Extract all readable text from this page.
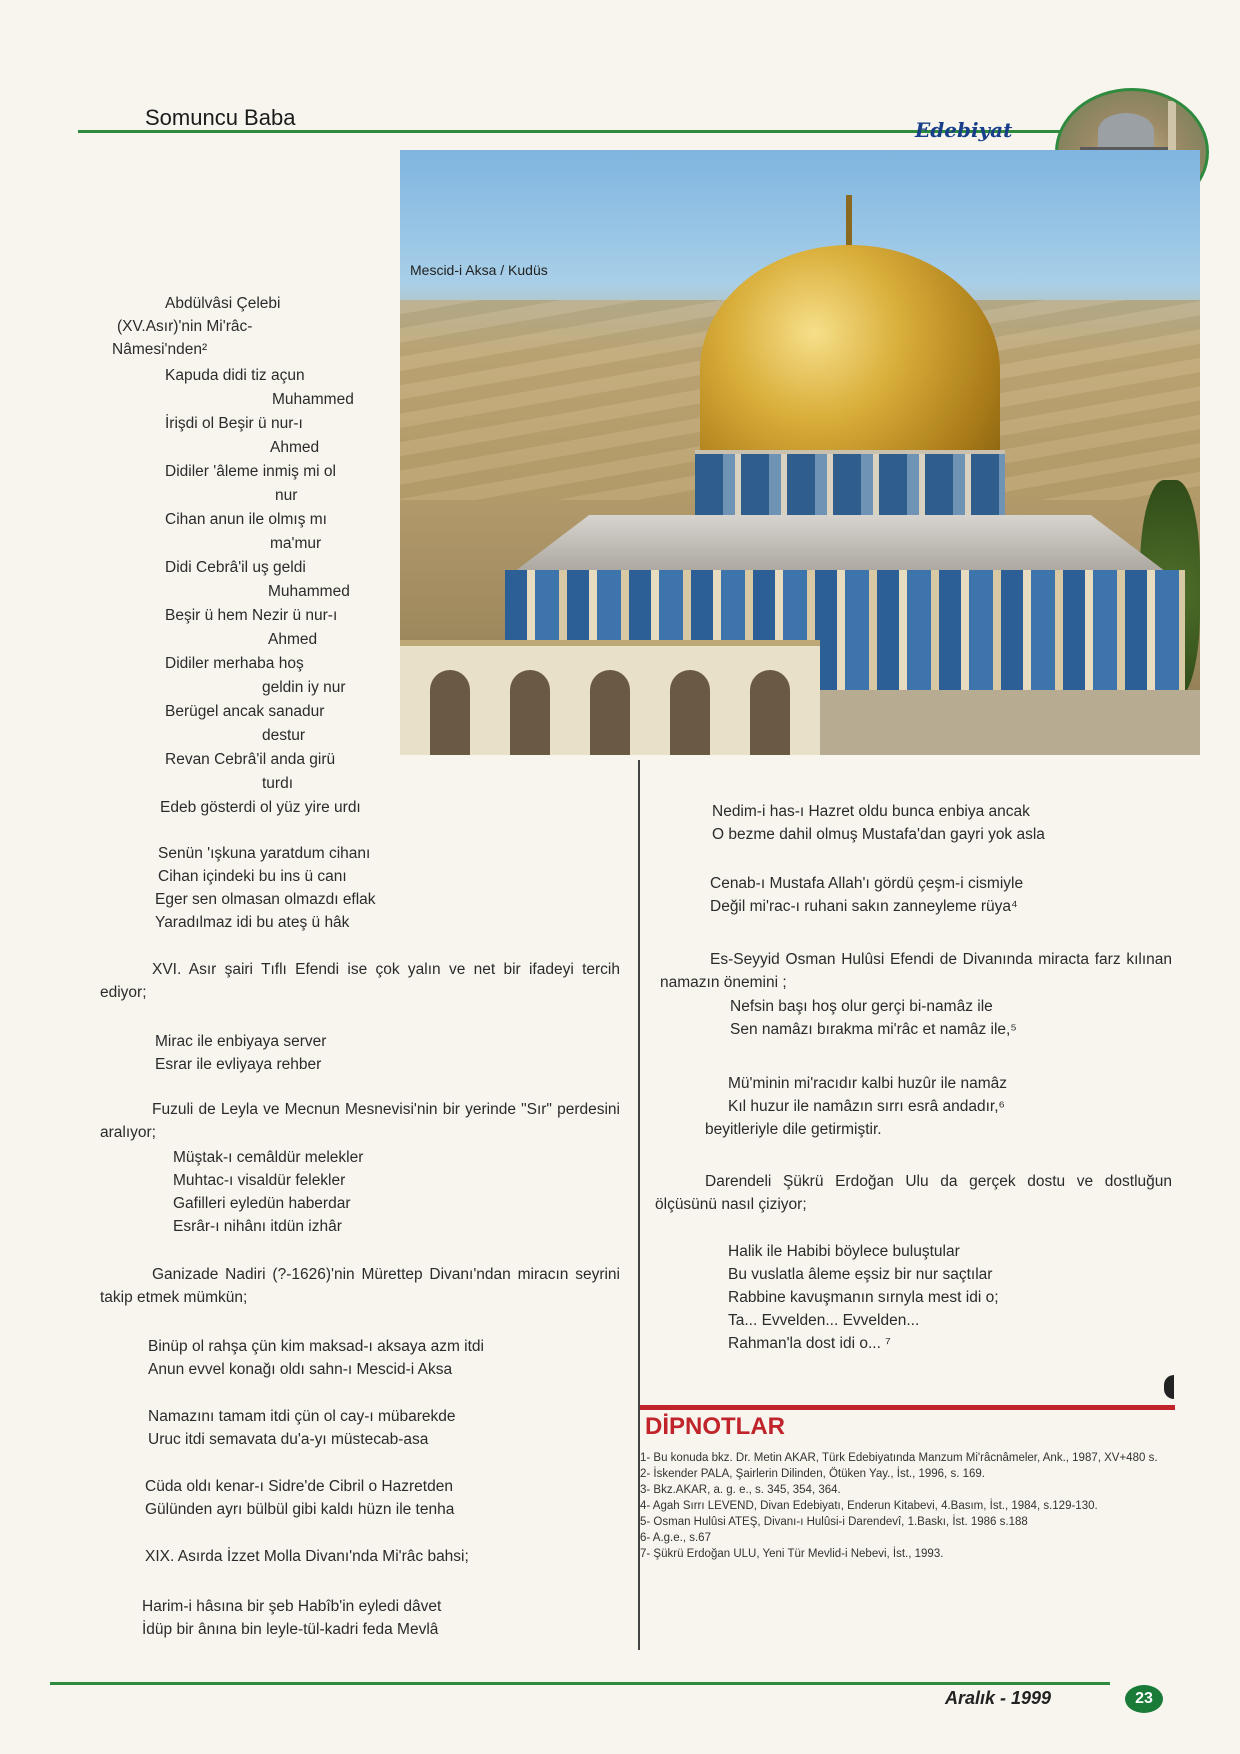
Somuncu Baba	Edebiyat
Mescid-i Aksa / Kudüs
Abdülvâsi Çelebi
(XV.Asır)'nin Mi'râc-
Nâmesi'nden²
Kapuda didi tiz açun
Muhammed
İrişdi ol Beşir ü nur-ı
Ahmed
Didiler 'âleme inmiş mi ol
nur
Cihan anun ile olmış mı
ma'mur
Didi Cebrâ'il uş geldi
Muhammed
Beşir ü hem Nezir ü nur-ı
Ahmed
Didiler merhaba hoş
geldin iy nur
Berügel ancak sanadur
destur
Revan Cebrâ'il anda girü
turdı
Edeb gösterdi ol yüz yire urdı
Senün 'ışkuna yaratdum cihanı
Cihan içindeki bu ins ü canı
Eger sen olmasan olmazdı eflak
Yaradılmaz idi bu ateş ü hâk
XVI. Asır şairi Tıflı Efendi ise çok yalın ve net bir ifadeyi tercih ediyor;
Mirac ile enbiyaya server
Esrar ile evliyaya rehber
Fuzuli de Leyla ve Mecnun Mesnevisi'nin bir yerinde "Sır" perdesini aralıyor;
Müştak-ı cemâldür melekler
Muhtac-ı visaldür felekler
Gafilleri eyledün haberdar
Esrâr-ı nihânı itdün izhâr
Ganizade Nadiri (?-1626)'nin Mürettep Divanı'ndan miracın seyrini takip etmek mümkün;
Binüp ol rahşa çün kim maksad-ı aksaya azm itdi
Anun evvel konağı oldı sahn-ı Mescid-i Aksa
Namazını tamam itdi çün ol cay-ı mübarekde
Uruc itdi semavata du'a-yı müstecab-asa
Cüda oldı kenar-ı Sidre'de Cibril o Hazretden
Gülünden ayrı bülbül gibi kaldı hüzn ile tenha
XIX. Asırda İzzet Molla Divanı'nda Mi'râc bahsi;
Harim-i hâsına bir şeb Habîb'in eyledi dâvet
İdüp bir ânına bin leyle-tül-kadri feda Mevlâ
Nedim-i has-ı Hazret oldu bunca enbiya ancak
O bezme dahil olmuş Mustafa'dan gayri yok asla
Cenab-ı Mustafa Allah'ı gördü çeşm-i cismiyle
Değil mi'rac-ı ruhani sakın zanneyleme rüya⁴
Es-Seyyid Osman Hulûsi Efendi de Divanında miracta farz kılınan namazın önemini ;
Nefsin başı hoş olur gerçi bi-namâz ile
Sen namâzı bırakma mi'râc et namâz ile,⁵
Mü'minin mi'racıdır kalbi huzûr ile namâz
Kıl huzur ile namâzın sırrı esrâ andadır,⁶
beyitleriyle dile getirmiştir.
Darendeli Şükrü Erdoğan Ulu da gerçek dostu ve dostluğun ölçüsünü nasıl çiziyor;
Halik ile Habibi böylece buluştular
Bu vuslatla âleme eşsiz bir nur saçtılar
Rabbine kavuşmanın sırnyla mest idi o;
Ta... Evvelden... Evvelden...
Rahman'la dost idi o... ⁷
DİPNOTLAR

1- Bu konuda bkz. Dr. Metin AKAR, Türk Edebiyatında Manzum Mi'râcnâmeler, Ank., 1987, XV+480 s.

2- İskender PALA, Şairlerin Dilinden, Ötüken Yay., İst., 1996, s. 169.

3- Bkz.AKAR, a. g. e., s. 345, 354, 364.

4- Agah Sırrı LEVEND, Divan Edebiyatı, Enderun Kitabevi, 4.Basım, İst., 1984, s.129-130.

5- Osman Hulûsi ATEŞ, Divanı-ı Hulûsi-i Darendevî, 1.Baskı, İst. 1986 s.188

6- A.g.e., s.67

7- Şükrü Erdoğan ULU, Yeni Tür Mevlid-i Nebevi, İst., 1993.

Aralık - 1999	23
